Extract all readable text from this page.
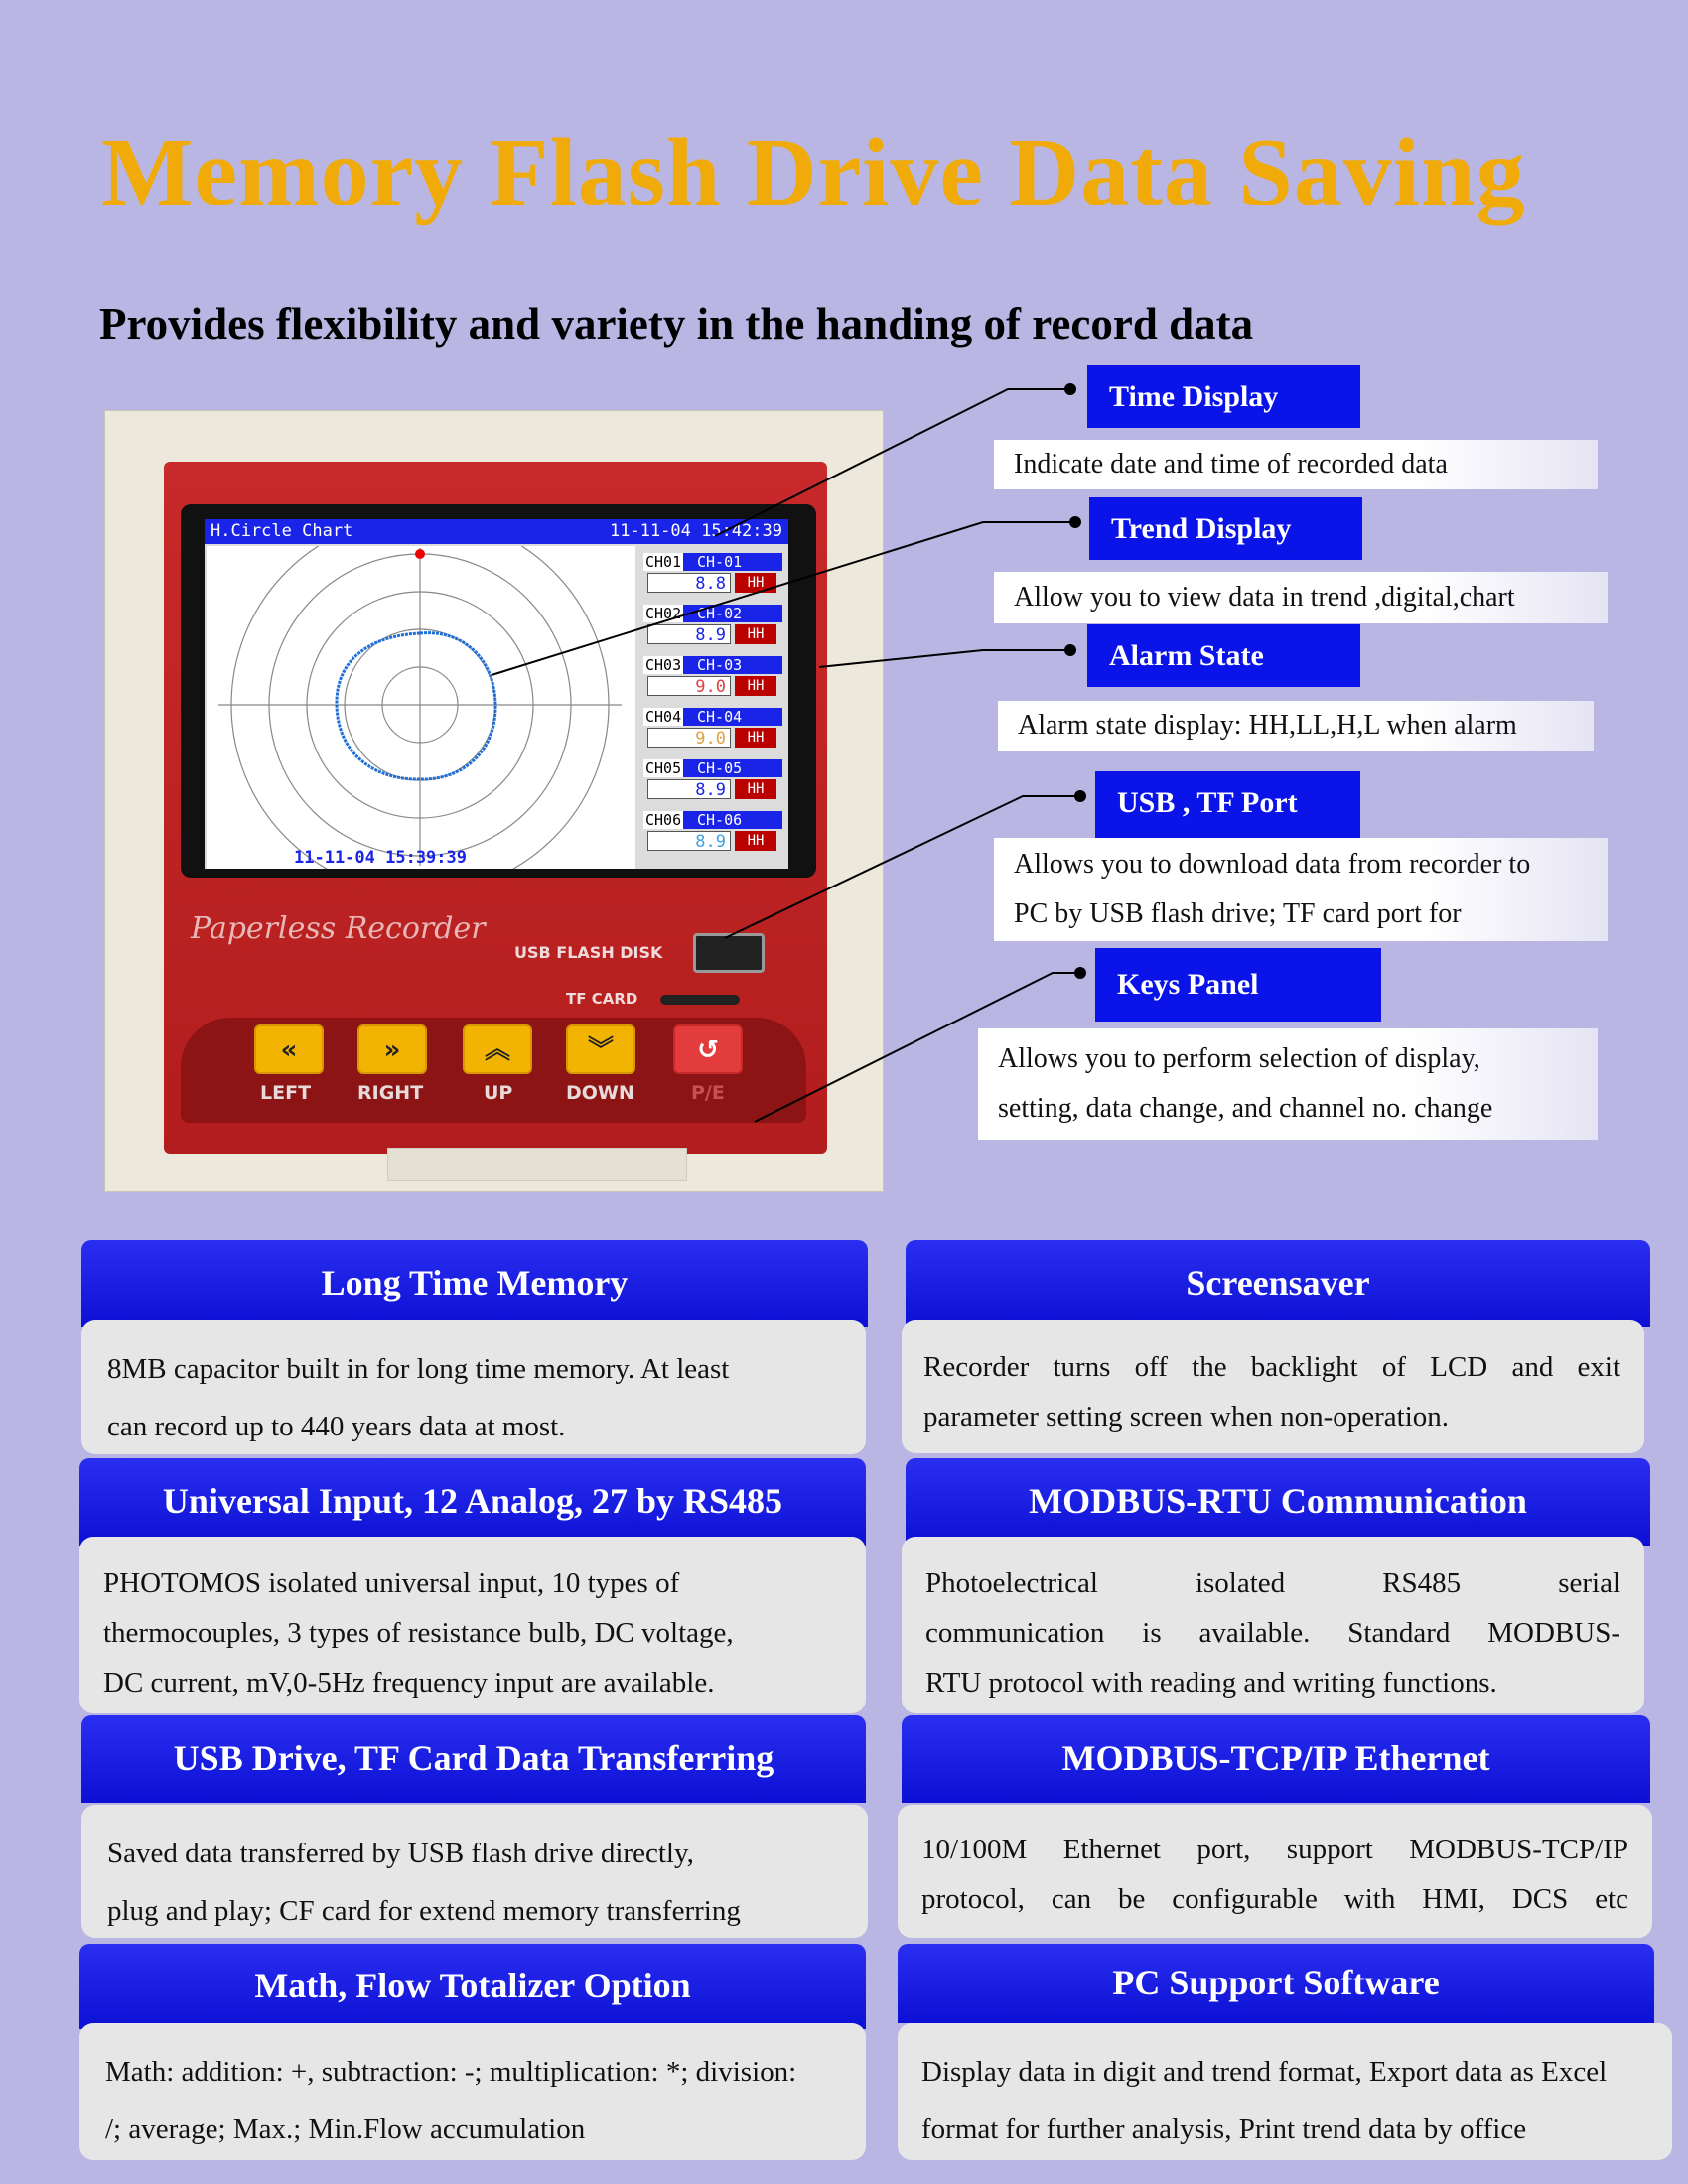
Memory Flash Drive Data Saving
Provides flexibility and variety in the handing of record data
H.Circle Chart	11-11-04 15:42:39
CH01 CH-01
8.8	HH
CH02 CH-02
8.9	HH
CH03 CH-03
9.0	HH
CH04 CH-04
9.0	HH
CH05 CH-05
8.9	HH
CH06 CH-06
8.9	HH
11-11-04 15:39:39
Paperless Recorder
USB FLASH DISK
TF CARD
«	»	︽	︾	↺
LEFT RIGHT	UP	DOWN	P/E
Time Display
Indicate date and time of recorded data
Trend Display
Allow you to view data in trend ,digital,chart
Alarm State
Alarm state display: HH,LL,H,L when alarm
USB , TF Port
Allows you to download data from recorder to
PC by USB flash drive; TF card port for
Keys Panel
Allows you to perform selection of display,
setting, data change, and channel no. change
Long Time Memory
8MB capacitor built in for long time memory. At least
can record up to 440 years data at most.
Universal Input, 12 Analog, 27 by RS485
PHOTOMOS isolated universal input, 10 types of
thermocouples, 3 types of resistance bulb, DC voltage,
DC current, mV,0-5Hz frequency input are available.
USB Drive, TF Card Data Transferring
Saved data transferred by USB flash drive directly,
plug and play; CF card for extend memory transferring
Math, Flow Totalizer Option
Math: addition: +, subtraction: -; multiplication: *; division:
/; average; Max.; Min.Flow accumulation
Screensaver
Recorder turns off the backlight of LCD and exit
parameter setting screen when non-operation.
MODBUS-RTU Communication
Photoelectrical isolated RS485 serial
communication is available. Standard MODBUS-
RTU protocol with reading and writing functions.
MODBUS-TCP/IP Ethernet
10/100M Ethernet port, support MODBUS-TCP/IP
protocol, can be configurable with HMI, DCS etc
PC Support Software
Display data in digit and trend format, Export data as Excel
format for further analysis, Print trend data by office
